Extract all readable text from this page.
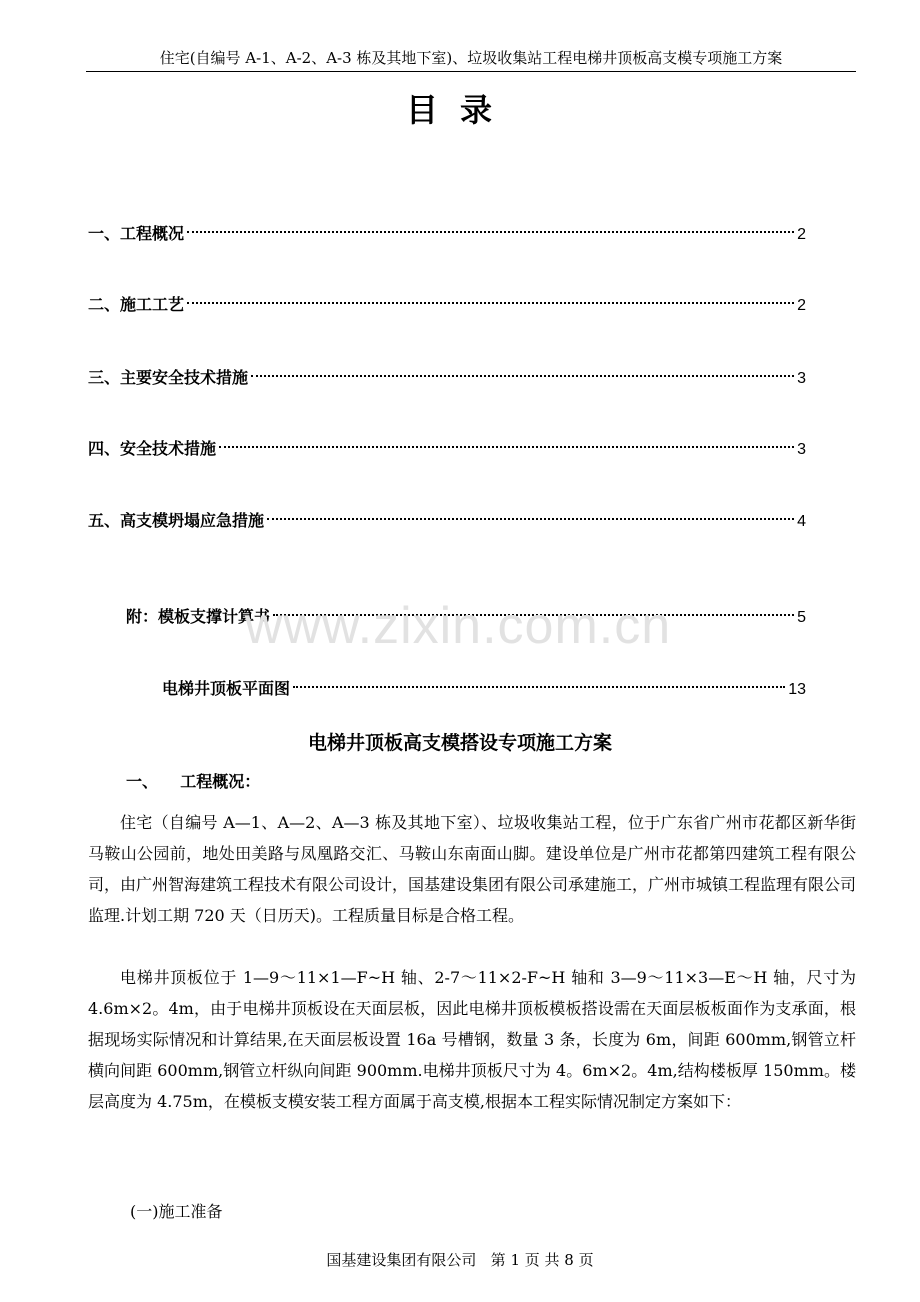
住宅(自编号 A-1、A-2、A-3 栋及其地下室)、垃圾收集站工程电梯井顶板高支模专项施工方案
目录
一、工程概况	2
二、施工工艺	2
三、主要安全技术措施	3
四、安全技术措施	3
五、高支模坍塌应急措施	4
附：模板支撑计算书	5
电梯井顶板平面图	13
www.zixin.com.cn
电梯井顶板高支模搭设专项施工方案
一、    工程概况：

住宅（自编号 A—1、A—2、A—3 栋及其地下室）、垃圾收集站工程，位于广东省广州市花都区新华街马鞍山公园前，地处田美路与凤凰路交汇、马鞍山东南面山脚。建设单位是广州市花都第四建筑工程有限公司，由广州智海建筑工程技术有限公司设计，国基建设集团有限公司承建施工，广州市城镇工程监理有限公司监理.计划工期 720 天（日历天)。工程质量目标是合格工程。

电梯井顶板位于 1—9～11×1—F~H 轴、2-7～11×2-F~H 轴和 3—9～11×3—E～H 轴，尺寸为 4.6m×2。4m，由于电梯井顶板设在天面层板，因此电梯井顶板模板搭设需在天面层板板面作为支承面，根据现场实际情况和计算结果,在天面层板设置 16a 号槽钢，数量 3 条，长度为 6m，间距 600mm,钢管立杆横向间距 600mm,钢管立杆纵向间距 900mm.电梯井顶板尺寸为 4。6m×2。4m,结构楼板厚 150mm。楼层高度为 4.75m，在模板支模安装工程方面属于高支模,根据本工程实际情况制定方案如下：

(一)施工准备
国基建设集团有限公司   第 1 页 共 8 页
